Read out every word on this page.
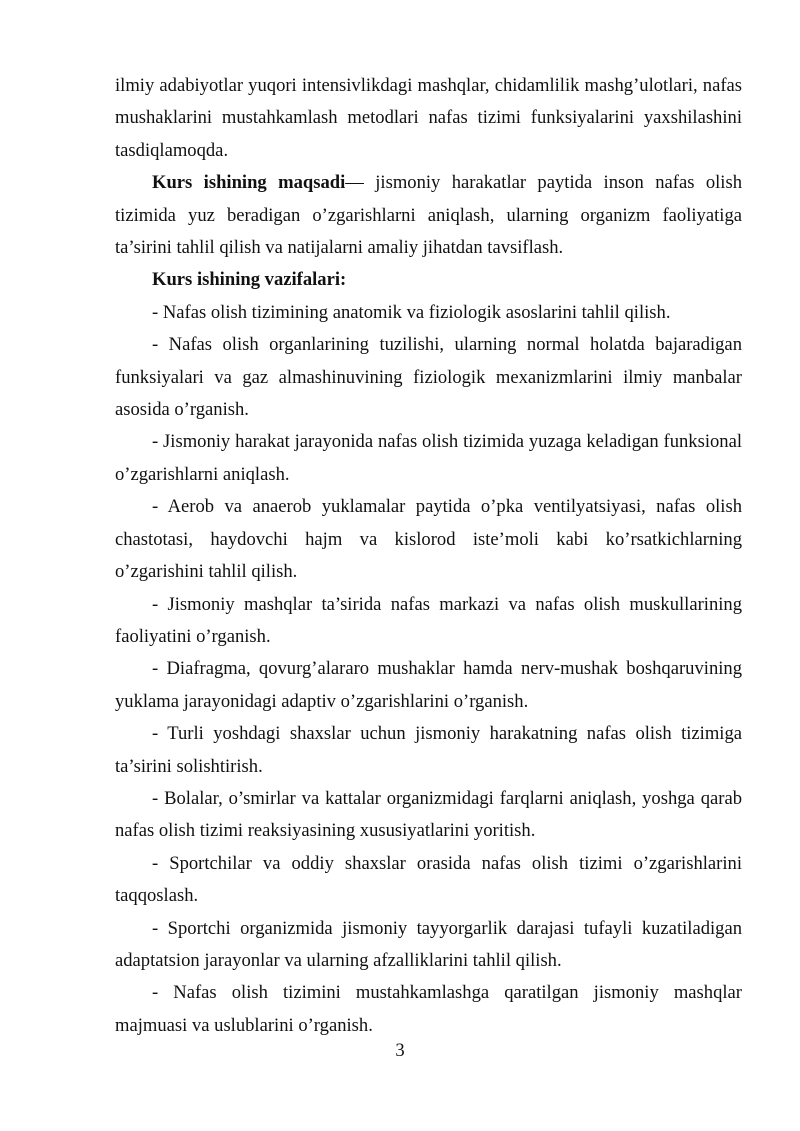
ilmiy adabiyotlar yuqori intensivlikdagi mashqlar, chidamlilik mashg’ulotlari, nafas mushaklarini mustahkamlash metodlari nafas tizimi funksiyalarini yaxshilashini tasdiqlamoqda.

Kurs ishining maqsadi— jismoniy harakatlar paytida inson nafas olish tizimida yuz beradigan o’zgarishlarni aniqlash, ularning organizm faoliyatiga ta’sirini tahlil qilish va natijalarni amaliy jihatdan tavsiflash.

Kurs ishining vazifalari:

- Nafas olish tizimining anatomik va fiziologik asoslarini tahlil qilish.

- Nafas olish organlarining tuzilishi, ularning normal holatda bajaradigan funksiyalari va gaz almashinuvining fiziologik mexanizmlarini ilmiy manbalar asosida o’rganish.

- Jismoniy harakat jarayonida nafas olish tizimida yuzaga keladigan funksional o’zgarishlarni aniqlash.

- Aerob va anaerob yuklamalar paytida o’pka ventilyatsiyasi, nafas olish chastotasi, haydovchi hajm va kislorod iste’moli kabi ko’rsatkichlarning o’zgarishini tahlil qilish.

- Jismoniy mashqlar ta’sirida nafas markazi va nafas olish muskullarining faoliyatini o’rganish.

- Diafragma, qovurg’alararo mushaklar hamda nerv-mushak boshqaruvining yuklama jarayonidagi adaptiv o’zgarishlarini o’rganish.

- Turli yoshdagi shaxslar uchun jismoniy harakatning nafas olish tizimiga ta’sirini solishtirish.

- Bolalar, o’smirlar va kattalar organizmidagi farqlarni aniqlash, yoshga qarab nafas olish tizimi reaksiyasining xususiyatlarini yoritish.

- Sportchilar va oddiy shaxslar orasida nafas olish tizimi o’zgarishlarini taqqoslash.

- Sportchi organizmida jismoniy tayyorgarlik darajasi tufayli kuzatiladigan adaptatsion jarayonlar va ularning afzalliklarini tahlil qilish.

- Nafas olish tizimini mustahkamlashga qaratilgan jismoniy mashqlar majmuasi va uslublarini o’rganish.

3
